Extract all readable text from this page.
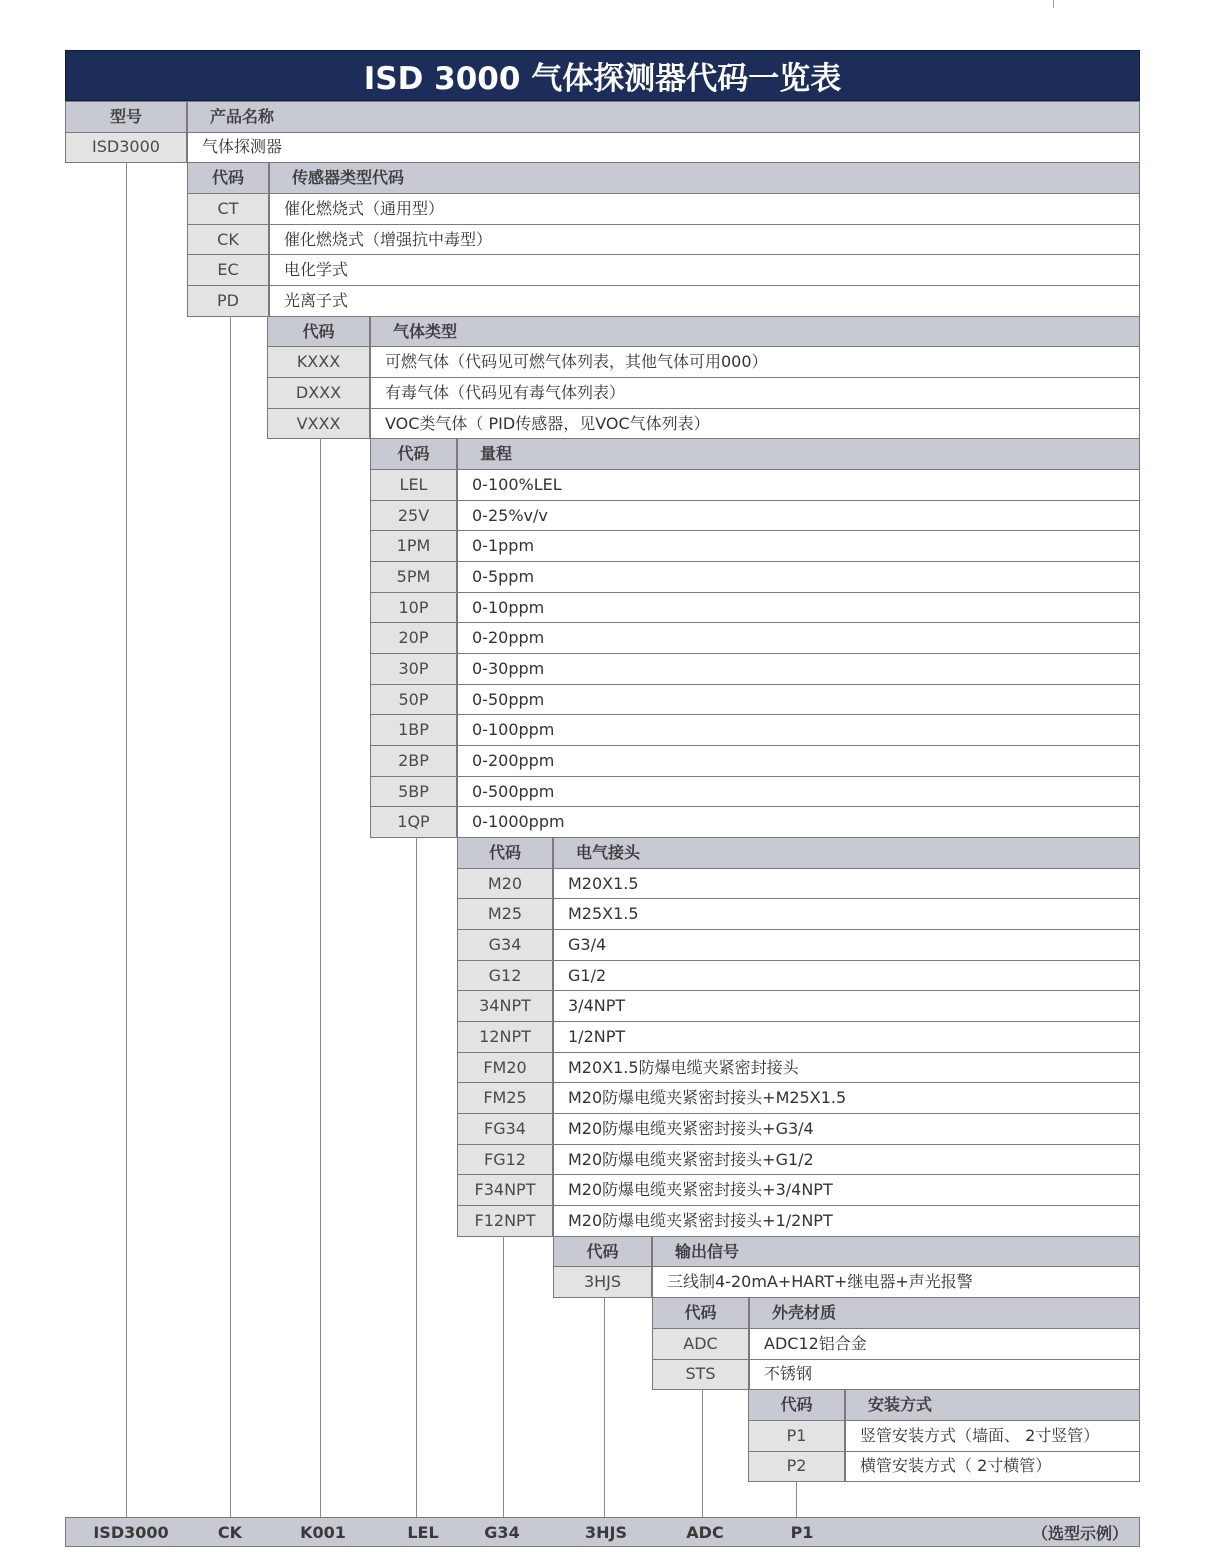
ISD 3000 气体探测器代码一览表
型号	产品名称
ISD3000	气体探测器
代码	传感器类型代码
CT	催化燃烧式（通用型）
CK	催化燃烧式（增强抗中毒型）
EC	电化学式
PD	光离子式
代码	气体类型
KXXX	可燃气体（代码见可燃气体列表，其他气体可用000）
DXXX	有毒气体（代码见有毒气体列表）
VXXX	VOC类气体（ PID传感器，见VOC气体列表）
代码	量程
LEL	0-100%LEL
25V	0-25%v/v
1PM	0-1ppm
5PM	0-5ppm
10P	0-10ppm
20P	0-20ppm
30P	0-30ppm
50P	0-50ppm
1BP	0-100ppm
2BP	0-200ppm
5BP	0-500ppm
1QP	0-1000ppm
代码	电气接头
M20	M20X1.5
M25	M25X1.5
G34	G3/4
G12	G1/2
34NPT	3/4NPT
12NPT	1/2NPT
FM20	M20X1.5防爆电缆夹紧密封接头
FM25	M20防爆电缆夹紧密封接头+M25X1.5
FG34	M20防爆电缆夹紧密封接头+G3/4
FG12	M20防爆电缆夹紧密封接头+G1/2
F34NPT	M20防爆电缆夹紧密封接头+3/4NPT
F12NPT	M20防爆电缆夹紧密封接头+1/2NPT
代码	输出信号
3HJS	三线制4-20mA+HART+继电器+声光报警
代码	外壳材质
ADC	ADC12铝合金
STS	不锈钢
代码	安装方式
P1	竖管安装方式（墙面、 2寸竖管）
P2	横管安装方式（ 2寸横管）
ISD3000	CK	K001	LEL	G34	3HJS	ADC	P1	（选型示例）
